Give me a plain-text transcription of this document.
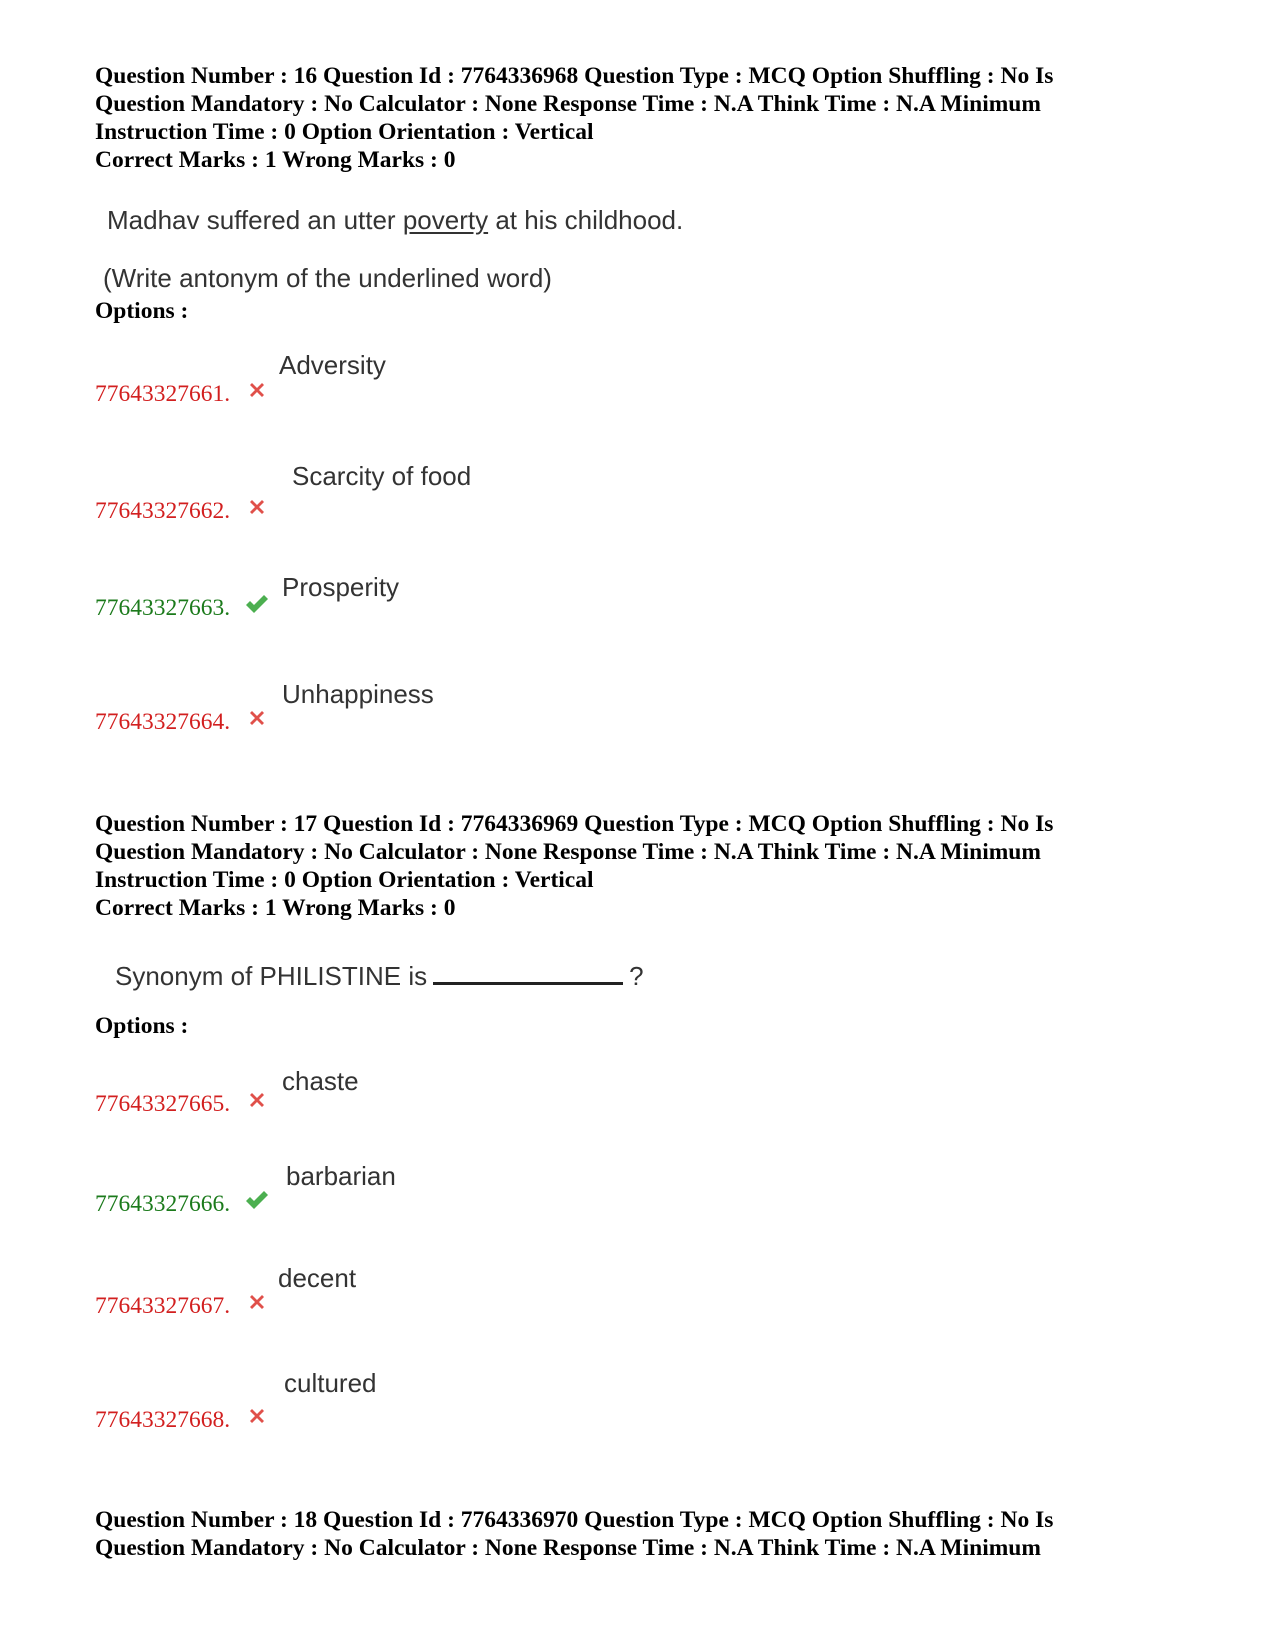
Question Number : 16 Question Id : 7764336968 Question Type : MCQ Option Shuffling : No Is Question Mandatory : No Calculator : None Response Time : N.A Think Time : N.A Minimum Instruction Time : 0 Option Orientation : Vertical

Correct Marks : 1 Wrong Marks : 0
Madhav suffered an utter poverty at his childhood.
(Write antonym of the underlined word)
Options :
Adversity
77643327661.
Scarcity of food
77643327662.
Prosperity
77643327663.
Unhappiness
77643327664.

Question Number : 17 Question Id : 7764336969 Question Type : MCQ Option Shuffling : No Is Question Mandatory : No Calculator : None Response Time : N.A Think Time : N.A Minimum Instruction Time : 0 Option Orientation : Vertical

Correct Marks : 1 Wrong Marks : 0
Synonym of PHILISTINE is	?
Options :
chaste
77643327665.
barbarian
77643327666.
decent
77643327667.
cultured
77643327668.

Question Number : 18 Question Id : 7764336970 Question Type : MCQ Option Shuffling : No Is Question Mandatory : No Calculator : None Response Time : N.A Think Time : N.A Minimum
